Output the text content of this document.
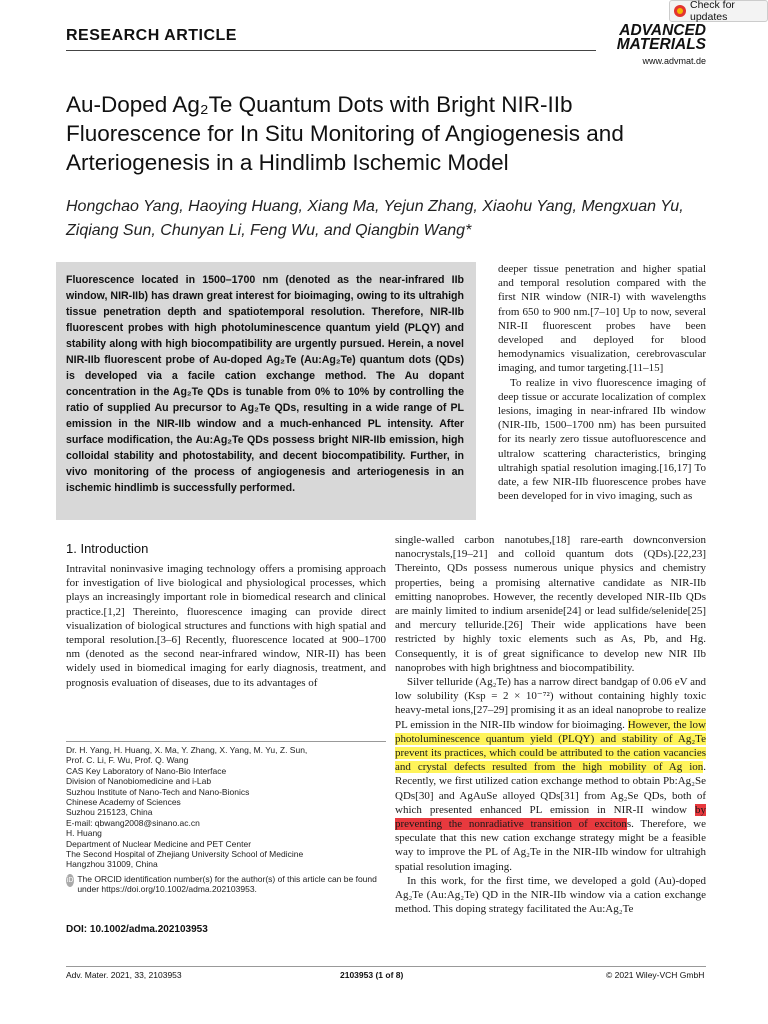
Check for updates
RESEARCH ARTICLE	ADVANCED
MATERIALS
www.advmat.de
Au-Doped Ag₂Te Quantum Dots with Bright NIR-IIb Fluorescence for In Situ Monitoring of Angiogenesis and Arteriogenesis in a Hindlimb Ischemic Model
Hongchao Yang, Haoying Huang, Xiang Ma, Yejun Zhang, Xiaohu Yang, Mengxuan Yu, Ziqiang Sun, Chunyan Li, Feng Wu, and Qiangbin Wang*
Fluorescence located in 1500–1700 nm (denoted as the near-infrared IIb window, NIR-IIb) has drawn great interest for bioimaging, owing to its ultrahigh tissue penetration depth and spatiotemporal resolution. Therefore, NIR-IIb fluorescent probes with high photoluminescence quantum yield (PLQY) and stability along with high biocompatibility are urgently pursued. Herein, a novel NIR-IIb fluorescent probe of Au-doped Ag₂Te (Au:Ag₂Te) quantum dots (QDs) is developed via a facile cation exchange method. The Au dopant concentration in the Ag₂Te QDs is tunable from 0% to 10% by controlling the ratio of supplied Au precursor to Ag₂Te QDs, resulting in a wide range of PL emission in the NIR-IIb window and a much-enhanced PL intensity. After surface modification, the Au:Ag₂Te QDs possess bright NIR-IIb emission, high colloidal stability and photostability, and decent biocompatibility. Further, in vivo monitoring of the process of angiogenesis and arteriogenesis in an ischemic hindlimb is successfully performed.
1. Introduction

Intravital noninvasive imaging technology offers a promising approach for investigation of live biological and physiological processes, which plays an increasingly important role in biomedical research and clinical practice.[1,2] Thereinto, fluorescence imaging can provide direct visualization of biological structures and functions with high spatial and temporal resolution.[3–6] Recently, fluorescence located at 900–1700 nm (denoted as the second near-infrared window, NIR-II) has been widely used in biomedical imaging for early diagnosis, treatment, and prognosis evaluation of diseases, due to its advantages of

Dr. H. Yang, H. Huang, X. Ma, Y. Zhang, X. Yang, M. Yu, Z. Sun,
Prof. C. Li, F. Wu, Prof. Q. Wang
CAS Key Laboratory of Nano-Bio Interface
Division of Nanobiomedicine and i-Lab
Suzhou Institute of Nano-Tech and Nano-Bionics
Chinese Academy of Sciences
Suzhou 215123, China
E-mail: qbwang2008@sinano.ac.cn
H. Huang
Department of Nuclear Medicine and PET Center
The Second Hospital of Zhejiang University School of Medicine
Hangzhou 31009, China
iD The ORCID identification number(s) for the author(s) of this article can be found under https://doi.org/10.1002/adma.202103953.
DOI: 10.1002/adma.202103953

deeper tissue penetration and higher spatial and temporal resolution compared with the first NIR window (NIR-I) with wavelengths from 650 to 900 nm.[7–10] Up to now, several NIR-II fluorescent probes have been developed and deployed for blood hemodynamics visualization, cerebrovascular imaging, and tumor targeting.[11–15]

To realize in vivo fluorescence imaging of deep tissue or accurate localization of complex lesions, imaging in near-infrared IIb window (NIR-IIb, 1500–1700 nm) has been pursuited for its nearly zero tissue autofluorescence and ultralow scattering characteristics, bringing ultrahigh spatial resolution imaging.[16,17] To date, a few NIR-IIb fluorescence probes have been developed for in vivo imaging, such as

single-walled carbon nanotubes,[18] rare-earth downconversion nanocrystals,[19–21] and colloid quantum dots (QDs).[22,23] Thereinto, QDs possess numerous unique physics and chemistry properties, being a promising alternative candidate as NIR-IIb emitting nanoprobes. However, the recently developed NIR-IIb QDs are mainly limited to indium arsenide[24] or lead sulfide/selenide[25] and mercury telluride.[26] Their wide applications have been restricted by highly toxic elements such as As, Pb, and Hg. Consequently, it is of great significance to develop new NIR IIb nanoprobes with high brightness and biocompatibility.

Silver telluride (Ag₂Te) has a narrow direct bandgap of 0.06 eV and low solubility (Ksp = 2 × 10⁻⁷²) without containing highly toxic heavy-metal ions,[27–29] promising it as an ideal nanoprobe to realize PL emission in the NIR-IIb window for bioimaging. However, the low photoluminescence quantum yield (PLQY) and stability of Ag₂Te prevent its practices, which could be attributed to the cation vacancies and crystal defects resulted from the high mobility of Ag ion. Recently, we first utilized cation exchange method to obtain Pb:Ag₂Se QDs[30] and AgAuSe alloyed QDs[31] from Ag₂Se QDs, both of which presented enhanced PL emission in NIR-II window by preventing the nonradiative transition of excitons. Therefore, we speculate that this new cation exchange strategy might be a feasible way to improve the PL of Ag₂Te in the NIR-IIb window for ultrahigh spatial resolution imaging.

In this work, for the first time, we developed a gold (Au)-doped Ag₂Te (Au:Ag₂Te) QD in the NIR-IIb window via a cation exchange method. This doping strategy facilitated the Au:Ag₂Te

Adv. Mater. 2021, 33, 2103953	2103953 (1 of 8)	© 2021 Wiley-VCH GmbH
